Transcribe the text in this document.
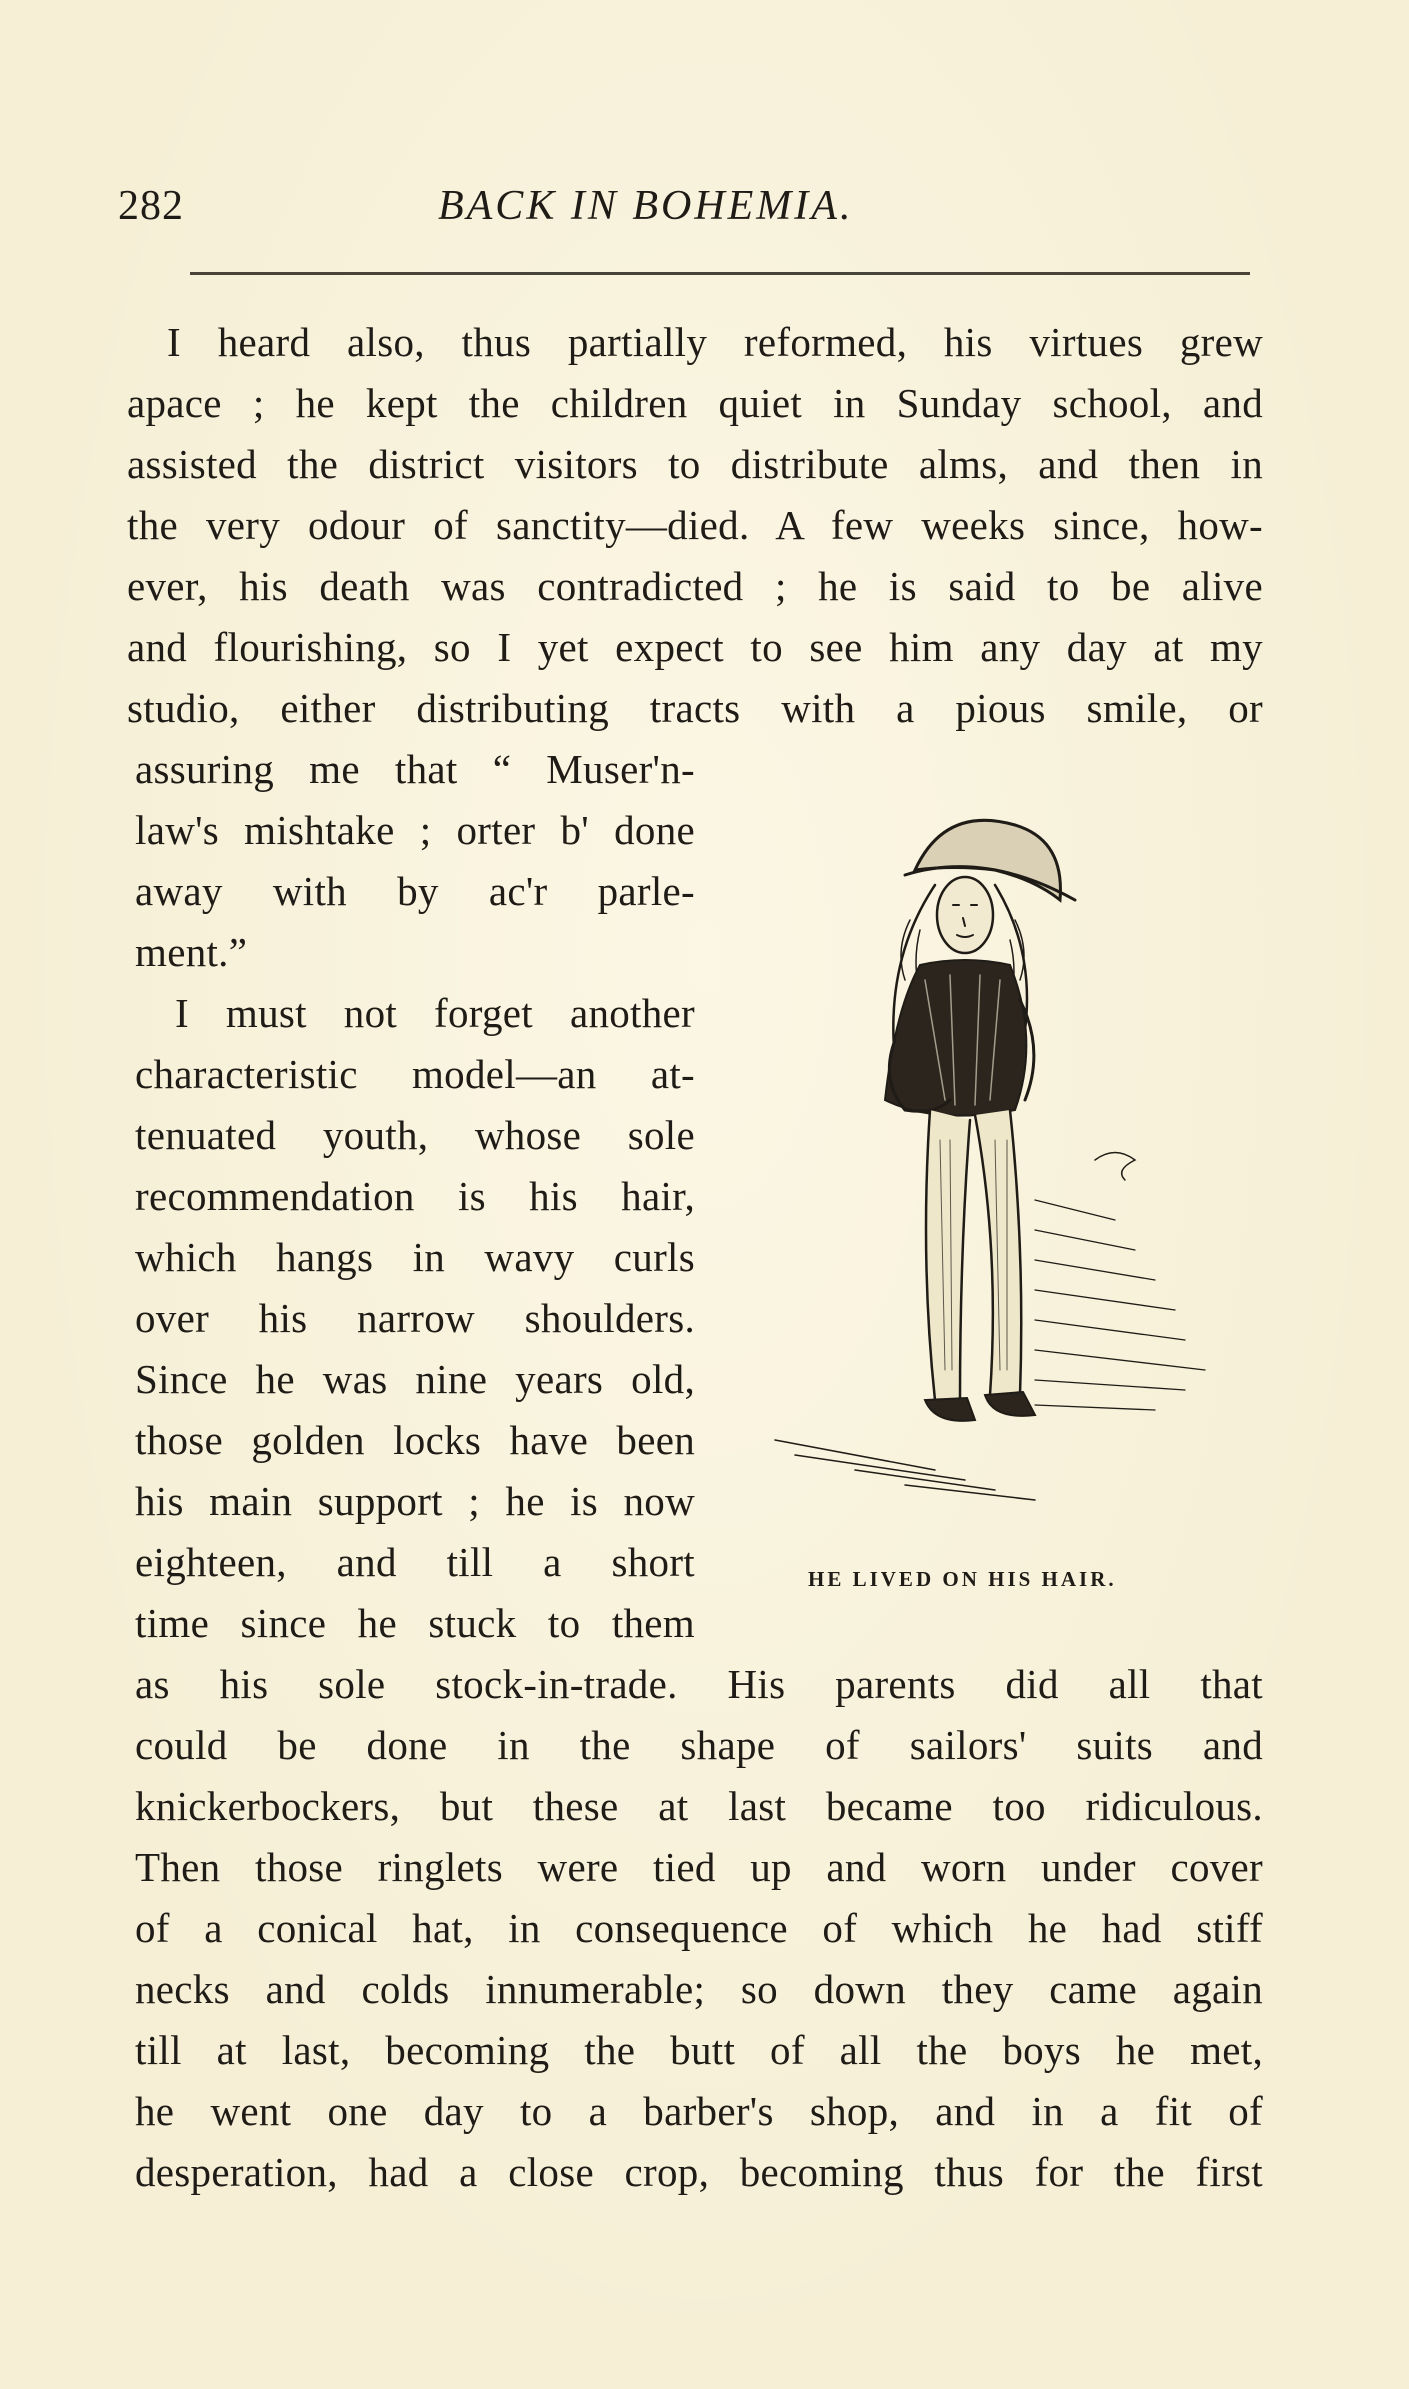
282	BACK IN BOHEMIA.
I heard also, thus partially reformed, his virtues grew
apace ; he kept the children quiet in Sunday school, and
assisted the district visitors to distribute alms, and then in
the very odour of sanctity—died. A few weeks since, how-
ever, his death was contradicted ; he is said to be alive
and flourishing, so I yet expect to see him any day at my
studio, either distributing tracts with a pious smile, or
assuring me that “ Muser'n-
law's mishtake ; orter b' done
away with by ac'r parle-
ment.”
I must not forget another
characteristic model—an at-
tenuated youth, whose sole
recommendation is his hair,
which hangs in wavy curls
over his narrow shoulders.
Since he was nine years old,
those golden locks have been
his main support ; he is now
eighteen, and till a short
time since he stuck to them
as his sole stock-in-trade. His parents did all that
could be done in the shape of sailors' suits and
knickerbockers, but these at last became too ridiculous.
Then those ringlets were tied up and worn under cover
of a conical hat, in consequence of which he had stiff
necks and colds innumerable; so down they came again
till at last, becoming the butt of all the boys he met,
he went one day to a barber's shop, and in a fit of
desperation, had a close crop, becoming thus for the first
HE LIVED ON HIS HAIR.
